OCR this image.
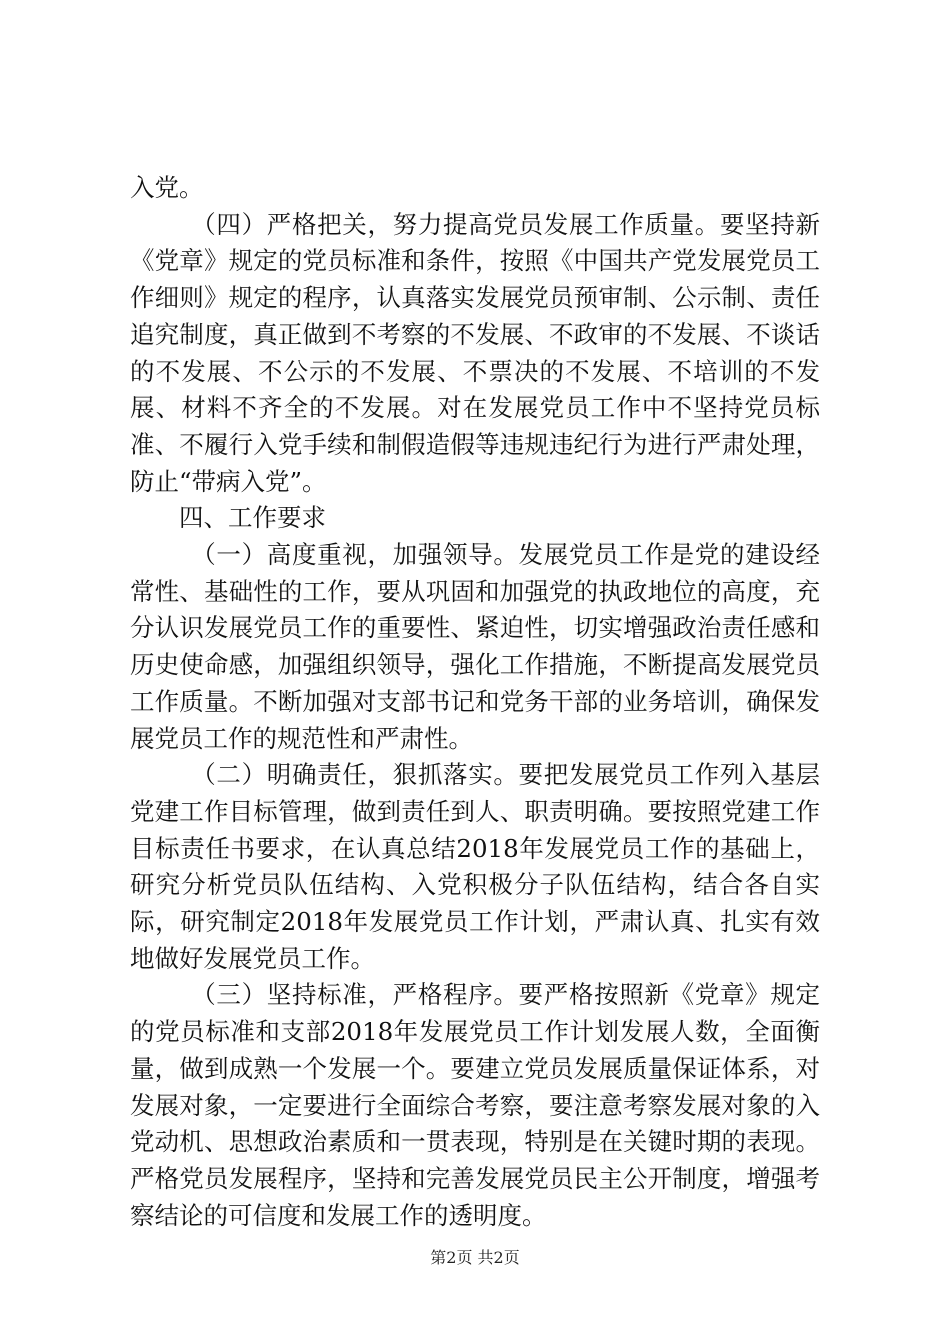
入党。

（四）严格把关，努力提高党员发展工作质量。要坚持新《党章》规定的党员标准和条件，按照《中国共产党发展党员工作细则》规定的程序，认真落实发展党员预审制、公示制、责任追究制度，真正做到不考察的不发展、不政审的不发展、不谈话的不发展、不公示的不发展、不票决的不发展、不培训的不发展、材料不齐全的不发展。对在发展党员工作中不坚持党员标准、不履行入党手续和制假造假等违规违纪行为进行严肃处理，防止“带病入党”。

四、工作要求

（一）高度重视，加强领导。发展党员工作是党的建设经常性、基础性的工作，要从巩固和加强党的执政地位的高度，充分认识发展党员工作的重要性、紧迫性，切实增强政治责任感和历史使命感，加强组织领导，强化工作措施，不断提高发展党员工作质量。不断加强对支部书记和党务干部的业务培训，确保发展党员工作的规范性和严肃性。

（二）明确责任，狠抓落实。要把发展党员工作列入基层党建工作目标管理，做到责任到人、职责明确。要按照党建工作目标责任书要求，在认真总结2018年发展党员工作的基础上，研究分析党员队伍结构、入党积极分子队伍结构，结合各自实际，研究制定2018年发展党员工作计划，严肃认真、扎实有效地做好发展党员工作。

（三）坚持标准，严格程序。要严格按照新《党章》规定的党员标准和支部2018年发展党员工作计划发展人数，全面衡量，做到成熟一个发展一个。要建立党员发展质量保证体系，对发展对象，一定要进行全面综合考察，要注意考察发展对象的入党动机、思想政治素质和一贯表现，特别是在关键时期的表现。严格党员发展程序，坚持和完善发展党员民主公开制度，增强考察结论的可信度和发展工作的透明度。

第2页 共2页
